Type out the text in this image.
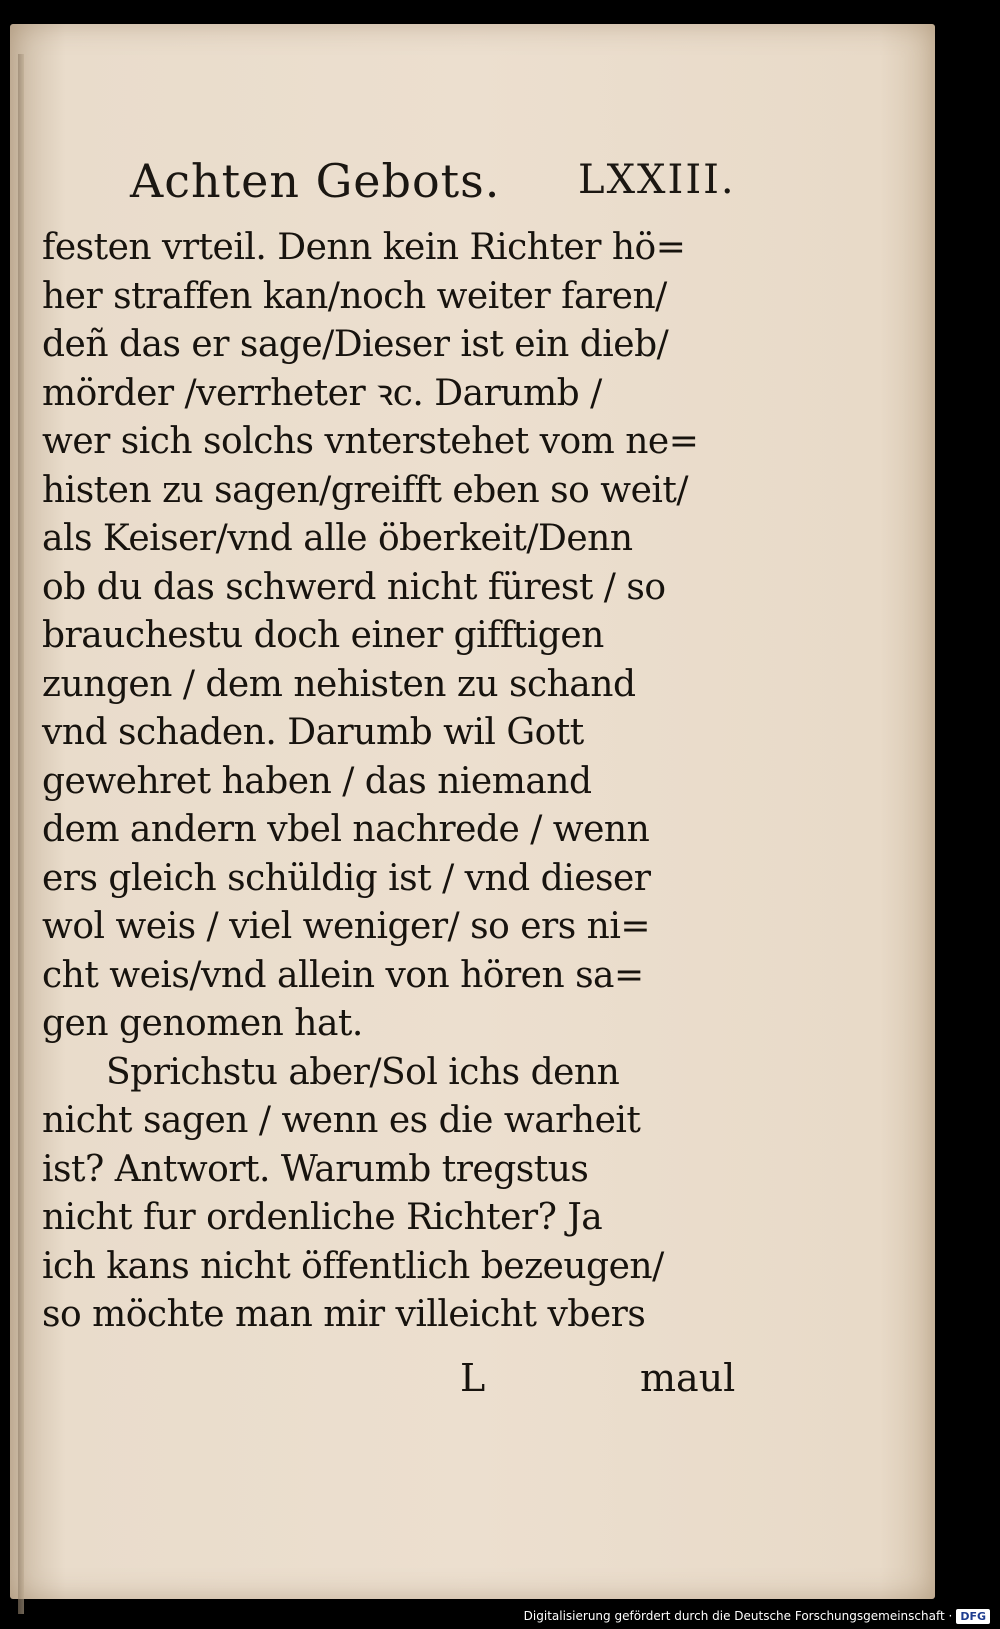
Achten Gebots. LXXIII.
festen vrteil. Denn kein Richter hö=
her straffen kan/noch weiter faren/
deñ das er sage/Dieser ist ein dieb/
mörder /verrheter ꝛc. Darumb /
wer sich solchs vnterstehet vom ne=
histen zu sagen/greifft eben so weit/
als Keiser/vnd alle öberkeit/Denn
ob du das schwerd nicht fürest / so
brauchestu doch einer gifftigen
zungen / dem nehisten zu schand
vnd schaden. Darumb wil Gott
gewehret haben / das niemand
dem andern vbel nachrede / wenn
ers gleich schüldig ist / vnd dieser
wol weis / viel weniger/ so ers ni=
cht weis/vnd allein von hören sa=
gen genomen hat.
Sprichstu aber/Sol ichs denn
nicht sagen / wenn es die warheit
ist? Antwort. Warumb tregstus
nicht fur ordenliche Richter? Ja
ich kans nicht öffentlich bezeugen/
so möchte man mir villeicht vbers
L	maul
Digitalisierung gefördert durch die Deutsche Forschungsgemeinschaft · DFG
